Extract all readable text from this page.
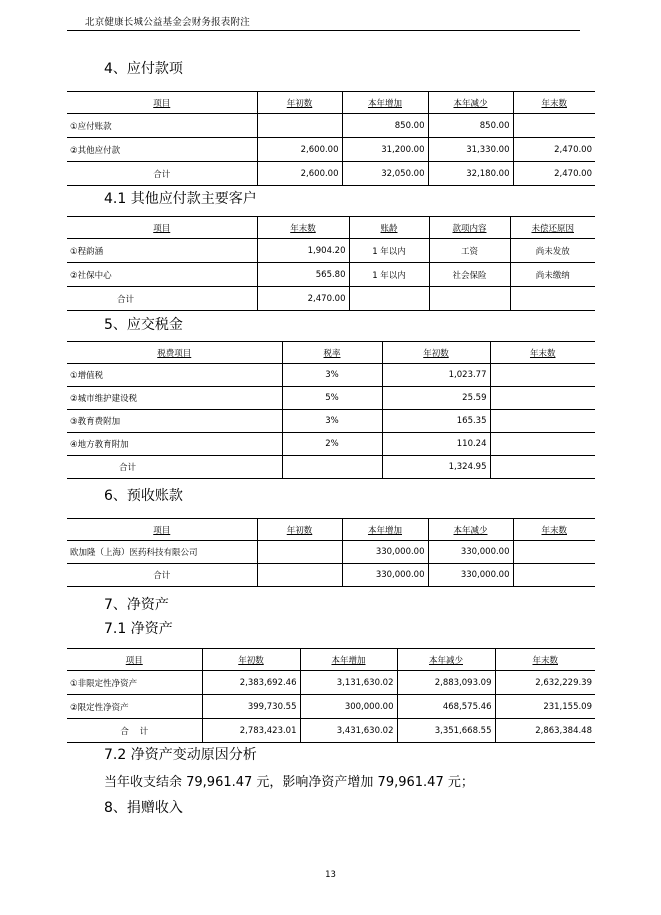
北京健康长城公益基金会财务报表附注
4、应付款项
项目	年初数	本年增加	本年减少	年末数
①应付账款		850.00	850.00	
②其他应付款	2,600.00	31,200.00	31,330.00	2,470.00
合计	2,600.00	32,050.00	32,180.00	2,470.00
4.1 其他应付款主要客户
项目	年末数	账龄	款项内容	未偿还原因
①程韵涵	1,904.20	1 年以内	工资	尚未发放
②社保中心	565.80	1 年以内	社会保险	尚未缴纳
合计	2,470.00			
5、应交税金
税费项目	税率	年初数	年末数
①增值税	3%	1,023.77	
②城市维护建设税	5%	25.59	
③教育费附加	3%	165.35	
④地方教育附加	2%	110.24	
合计		1,324.95	
6、预收账款
项目	年初数	本年增加	本年减少	年末数
欧加隆（上海）医药科技有限公司		330,000.00	330,000.00	
合计		330,000.00	330,000.00	
7、净资产
7.1 净资产
项目	年初数	本年增加	本年减少	年末数
①非限定性净资产	2,383,692.46	3,131,630.02	2,883,093.09	2,632,229.39
②限定性净资产	399,730.55	300,000.00	468,575.46	231,155.09
合    计	2,783,423.01	3,431,630.02	3,351,668.55	2,863,384.48
7.2 净资产变动原因分析
当年收支结余 79,961.47 元，影响净资产增加 79,961.47 元；
8、捐赠收入
13
